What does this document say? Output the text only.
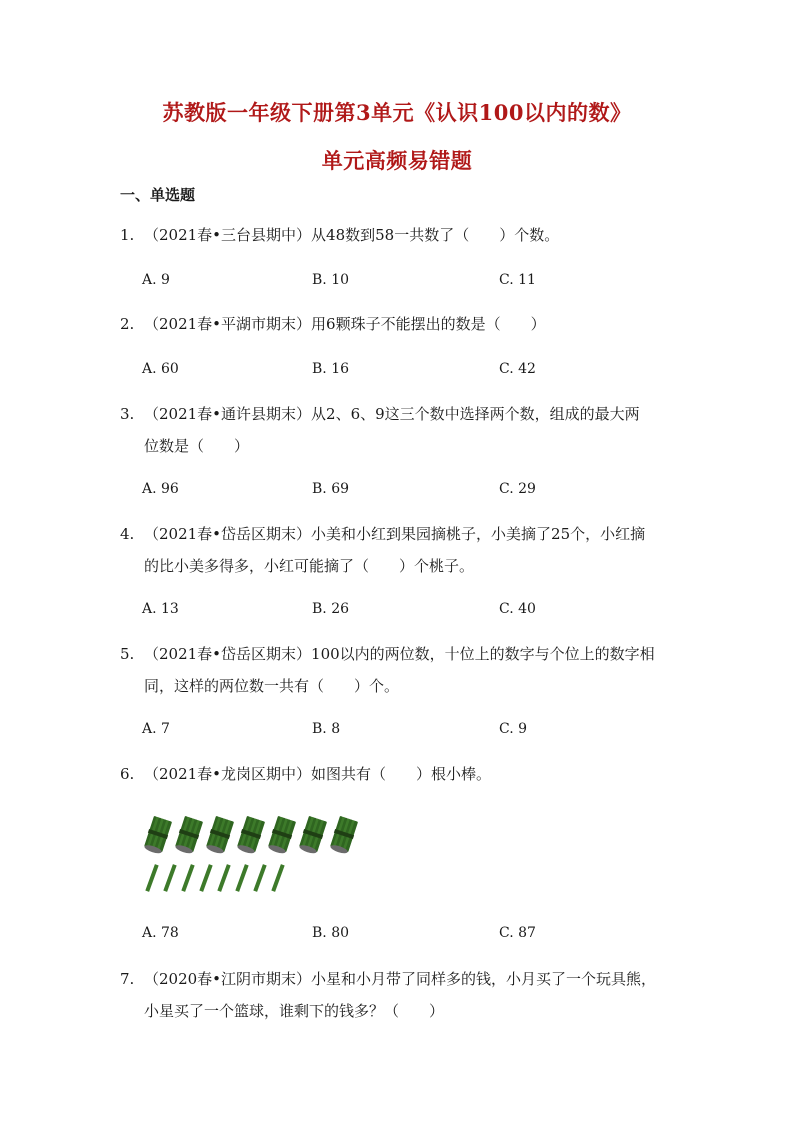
苏教版一年级下册第3单元《认识100以内的数》
单元高频易错题
一、单选题
1. （2021春•三台县期中）从48数到58一共数了（　　）个数。
A. 9	B. 10	C. 11
2. （2021春•平湖市期末）用6颗珠子不能摆出的数是（　　）
A. 60	B. 16	C. 42
3. （2021春•通许县期末）从2、6、9这三个数中选择两个数，组成的最大两
位数是（　　）
A. 96	B. 69	C. 29
4. （2021春•岱岳区期末）小美和小红到果园摘桃子，小美摘了25个，小红摘
的比小美多得多，小红可能摘了（　　）个桃子。
A. 13	B. 26	C. 40
5. （2021春•岱岳区期末）100以内的两位数，十位上的数字与个位上的数字相
同，这样的两位数一共有（　　）个。
A. 7	B. 8	C. 9
6. （2021春•龙岗区期中）如图共有（　　）根小棒。
A. 78	B. 80	C. 87
7. （2020春•江阴市期末）小星和小月带了同样多的钱，小月买了一个玩具熊，
小星买了一个篮球，谁剩下的钱多？（　　）
